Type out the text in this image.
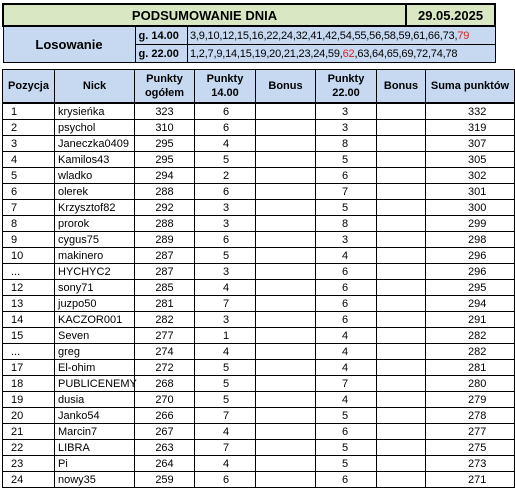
PODSUMOWANIE DNIA	29.05.2025
Losowanie	
g. 14.00	3,9,10,12,15,16,22,24,32,41,42,54,55,56,58,59,61,66,73,79

g. 22.00	1,2,7,9,14,15,19,20,21,23,24,59,62,63,64,65,69,72,74,78
Pozycja	Nick	Punkty ogółem	Punkty 14.00	Bonus	Punkty 22.00	Bonus	Suma punktów
1	krysieńka	323	6		3		332
2	psychol	310	6		3		319
3	Janeczka0409	295	4		8		307
4	Kamilos43	295	5		5		305
5	wladko	294	2		6		302
6	olerek	288	6		7		301
7	Krzysztof82	292	3		5		300
8	prorok	288	3		8		299
9	cygus75	289	6		3		298
10	makinero	287	5		4		296
...	HYCHYC2	287	3		6		296
12	sony71	285	4		6		295
13	juzpo50	281	7		6		294
14	KACZOR001	282	3		6		291
15	Seven	277	1		4		282
...	greg	274	4		4		282
17	El-ohim	272	5		4		281
18	PUBLICENEMY	268	5		7		280
19	dusia	270	5		4		279
20	Janko54	266	7		5		278
21	Marcin7	267	4		6		277
22	LIBRA	263	7		5		275
23	Pi	264	4		5		273
24	nowy35	259	6		6		271
